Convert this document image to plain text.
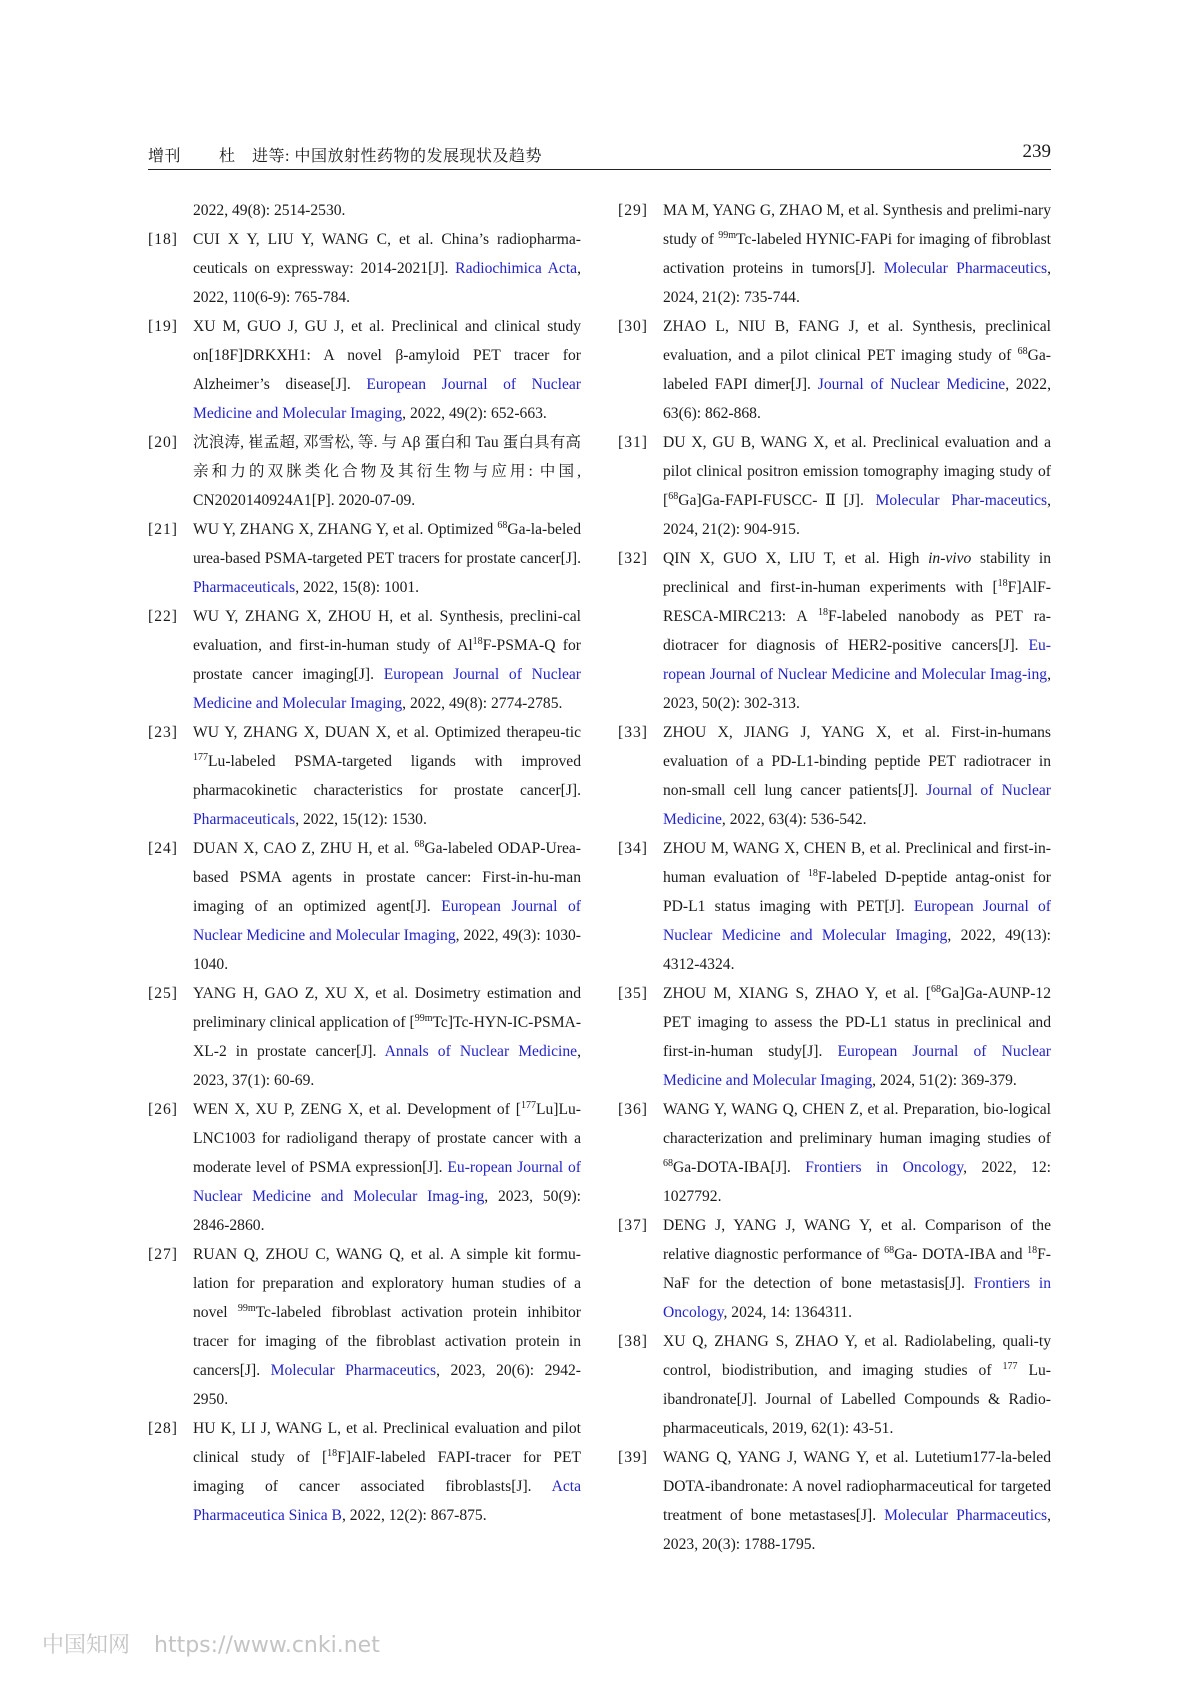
增刊 杜　进等: 中国放射性药物的发展现状及趋势	239
2022, 49(8): 2514-2530.
[18] CUI X Y, LIU Y, WANG C, et al. China’s radiopharma-ceuticals on expressway: 2014-2021[J]. Radiochimica Acta, 2022, 110(6-9): 765-784.
[19] XU M, GUO J, GU J, et al. Preclinical and clinical study on[18F]DRKXH1: A novel β-amyloid PET tracer for Alzheimer’s disease[J]. European Journal of Nuclear Medicine and Molecular Imaging, 2022, 49(2): 652-663.
[20] 沈浪涛, 崔孟超, 邓雪松, 等. 与 Aβ 蛋白和 Tau 蛋白具有高亲和力的双脒类化合物及其衍生物与应用: 中国, CN2020140924A1[P]. 2020-07-09.
[21] WU Y, ZHANG X, ZHANG Y, et al. Optimized $^{68}$Ga-la-beled urea-based PSMA-targeted PET tracers for prostate cancer[J]. Pharmaceuticals, 2022, 15(8): 1001.
[22] WU Y, ZHANG X, ZHOU H, et al. Synthesis, preclini-cal evaluation, and first-in-human study of Al$^{18}$F-PSMA-Q for prostate cancer imaging[J]. European Journal of Nuclear Medicine and Molecular Imaging, 2022, 49(8): 2774-2785.
[23] WU Y, ZHANG X, DUAN X, et al. Optimized therapeu-tic $^{177}$Lu-labeled PSMA-targeted ligands with improved pharmacokinetic characteristics for prostate cancer[J]. Pharmaceuticals, 2022, 15(12): 1530.
[24] DUAN X, CAO Z, ZHU H, et al. $^{68}$Ga-labeled ODAP-Urea-based PSMA agents in prostate cancer: First-in-hu-man imaging of an optimized agent[J]. European Journal of Nuclear Medicine and Molecular Imaging, 2022, 49(3): 1030-1040.
[25] YANG H, GAO Z, XU X, et al. Dosimetry estimation and preliminary clinical application of [$^{99m}$Tc]Tc-HYN-IC-PSMA-XL-2 in prostate cancer[J]. Annals of Nuclear Medicine, 2023, 37(1): 60-69.
[26] WEN X, XU P, ZENG X, et al. Development of [$^{177}$Lu]Lu-LNC1003 for radioligand therapy of prostate cancer with a moderate level of PSMA expression[J]. Eu-ropean Journal of Nuclear Medicine and Molecular Imag-ing, 2023, 50(9): 2846-2860.
[27] RUAN Q, ZHOU C, WANG Q, et al. A simple kit formu-lation for preparation and exploratory human studies of a novel $^{99m}$Tc-labeled fibroblast activation protein inhibitor tracer for imaging of the fibroblast activation protein in cancers[J]. Molecular Pharmaceutics, 2023, 20(6): 2942-2950.
[28] HU K, LI J, WANG L, et al. Preclinical evaluation and pilot clinical study of [$^{18}$F]AlF-labeled FAPI-tracer for PET imaging of cancer associated fibroblasts[J]. Acta Pharmaceutica Sinica B, 2022, 12(2): 867-875.
[29] MA M, YANG G, ZHAO M, et al. Synthesis and prelimi-nary study of $^{99m}$Tc-labeled HYNIC-FAPi for imaging of fibroblast activation proteins in tumors[J]. Molecular Pharmaceutics, 2024, 21(2): 735-744.
[30] ZHAO L, NIU B, FANG J, et al. Synthesis, preclinical evaluation, and a pilot clinical PET imaging study of $^{68}$Ga-labeled FAPI dimer[J]. Journal of Nuclear Medicine, 2022, 63(6): 862-868.
[31] DU X, GU B, WANG X, et al. Preclinical evaluation and a pilot clinical positron emission tomography imaging study of [$^{68}$Ga]Ga-FAPI-FUSCC-Ⅱ[J]. Molecular Phar-maceutics, 2024, 21(2): 904-915.
[32] QIN X, GUO X, LIU T, et al. High in-vivo stability in preclinical and first-in-human experiments with [$^{18}$F]AlF-RESCA-MIRC213: A $^{18}$F-labeled nanobody as PET ra-diotracer for diagnosis of HER2-positive cancers[J]. Eu-ropean Journal of Nuclear Medicine and Molecular Imag-ing, 2023, 50(2): 302-313.
[33] ZHOU X, JIANG J, YANG X, et al. First-in-humans evaluation of a PD-L1-binding peptide PET radiotracer in non-small cell lung cancer patients[J]. Journal of Nuclear Medicine, 2022, 63(4): 536-542.
[34] ZHOU M, WANG X, CHEN B, et al. Preclinical and first-in-human evaluation of $^{18}$F-labeled D-peptide antag-onist for PD-L1 status imaging with PET[J]. European Journal of Nuclear Medicine and Molecular Imaging, 2022, 49(13): 4312-4324.
[35] ZHOU M, XIANG S, ZHAO Y, et al. [$^{68}$Ga]Ga-AUNP-12 PET imaging to assess the PD-L1 status in preclinical and first-in-human study[J]. European Journal of Nuclear Medicine and Molecular Imaging, 2024, 51(2): 369-379.
[36] WANG Y, WANG Q, CHEN Z, et al. Preparation, bio-logical characterization and preliminary human imaging studies of $^{68}$Ga-DOTA-IBA[J]. Frontiers in Oncology, 2022, 12: 1027792.
[37] DENG J, YANG J, WANG Y, et al. Comparison of the relative diagnostic performance of $^{68}$Ga- DOTA-IBA and $^{18}$F-NaF for the detection of bone metastasis[J]. Frontiers in Oncology, 2024, 14: 1364311.
[38] XU Q, ZHANG S, ZHAO Y, et al. Radiolabeling, quali-ty control, biodistribution, and imaging studies of $^{177}$ Lu-ibandronate[J]. Journal of Labelled Compounds & Radio-pharmaceuticals, 2019, 62(1): 43-51.
[39] WANG Q, YANG J, WANG Y, et al. Lutetium177-la-beled DOTA-ibandronate: A novel radiopharmaceutical for targeted treatment of bone metastases[J]. Molecular Pharmaceutics, 2023, 20(3): 1788-1795.
中国知网 https://www.cnki.net
